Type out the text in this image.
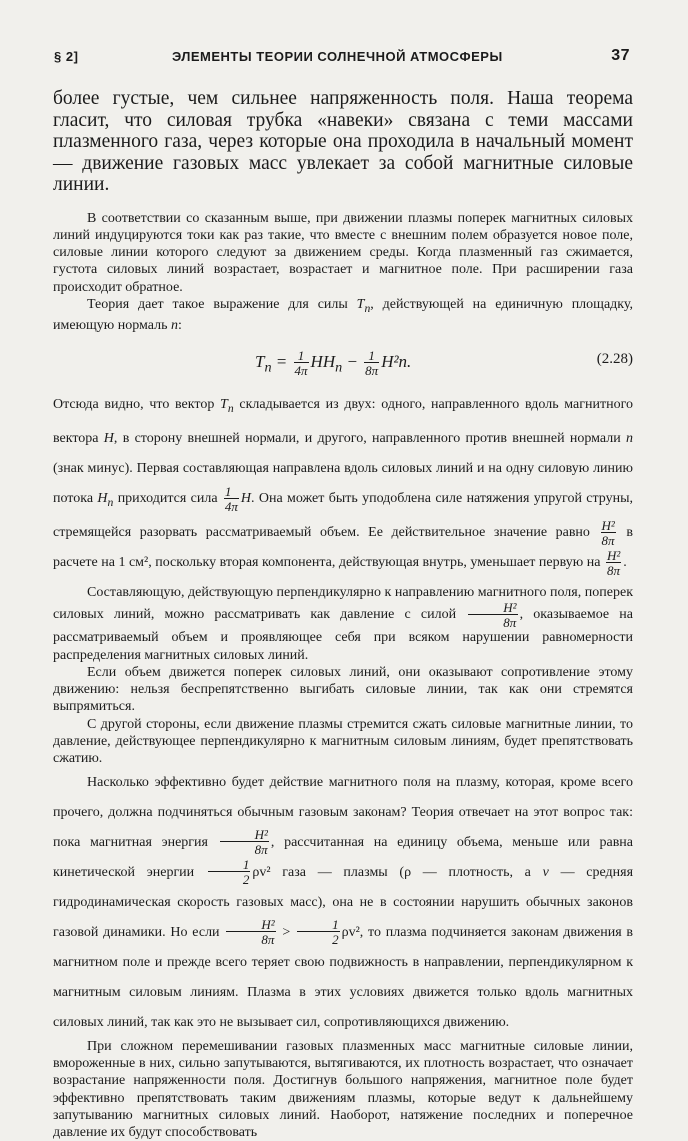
§ 2]	ЭЛЕМЕНТЫ ТЕОРИИ СОЛНЕЧНОЙ АТМОСФЕРЫ	37
более густые, чем сильнее напряженность поля. Наша теорема гласит, что силовая трубка «навеки» связана с теми массами плазменного газа, через которые она проходила в начальный момент — движение газовых масс увлекает за собой магнитные силовые линии.

В соответствии со сказанным выше, при движении плазмы поперек магнитных силовых линий индуцируются токи как раз такие, что вместе с внешним полем образуется новое поле, силовые линии которого следуют за движением среды. Когда плазменный газ сжимается, густота силовых линий возрастает, возрастает и магнитное поле. При расширении газа происходит обратное.

Теория дает такое выражение для силы $T_n$, действующей на единичную площадку, имеющую нормаль n:

$T_n = \frac{1}{4\pi} HH_n - \frac{1}{8\pi} H^2n$.	(2.28)

Отсюда видно, что вектор $T_n$ складывается из двух: одного, направленного вдоль магнитного вектора H, в сторону внешней нормали, и другого, направленного против внешней нормали n (знак минус). Первая составляющая направлена вдоль силовых линий и на одну силовую линию потока $H_n$ приходится сила $\frac{1}{4\pi} H$. Она может быть уподоблена силе натяжения упругой струны, стремящейся разорвать рассматриваемый объем. Ее действительное значение равно $\frac{\text{H²}}{8\pi}$ в расчете на 1 см², поскольку вторая компонента, действующая внутрь, уменьшает первую на $\frac{\text{H²}}{8\pi}$ .

Составляющую, действующую перпендикулярно к направлению магнитного поля, поперек силовых линий, можно рассматривать как давление с силой $\frac{\text{H²}}{8\pi}$ , оказываемое на рассматриваемый объем и проявляющее себя при всяком нарушении равномерности распределения магнитных силовых линий.

Если объем движется поперек силовых линий, они оказывают сопротивление этому движению: нельзя беспрепятственно выгибать силовые линии, так как они стремятся выпрямиться.

С другой стороны, если движение плазмы стремится сжать силовые магнитные линии, то давление, действующее перпендикулярно к магнитным силовым линиям, будет препятствовать сжатию.

Насколько эффективно будет действие магнитного поля на плазму, которая, кроме всего прочего, должна подчиняться обычным газовым законам? Теория отвечает на этот вопрос так: пока магнитная энергия $\frac{\text{H²}}{8\pi}$ , рассчитанная на единицу объема, меньше или равна кинетической энергии $\frac{1}{2} \rho v^2$ газа — плазмы (ρ — плотность, а v — средняя гидродинамическая скорость газовых масс), она не в состоянии нарушить обычных законов газовой динамики. Но если $\frac{\text{H²}}{8\pi} > \frac{1}{2} \rho v^2$, то плазма подчиняется законам движения в магнитном поле и прежде всего теряет свою подвижность в направлении, перпендикулярном к магнитным силовым линиям. Плазма в этих условиях движется только вдоль магнитных силовых линий, так как это не вызывает сил, сопротивляющихся движению.

При сложном перемешивании газовых плазменных масс магнитные силовые линии, вмороженные в них, сильно запутываются, вытягиваются, их плотность возрастает, что означает возрастание напряженности поля. Достигнув большого напряжения, магнитное поле будет эффективно препятствовать таким движениям плазмы, которые ведут к дальнейшему запутыванию магнитных силовых линий. Наоборот, натяжение последних и поперечное давление их будут способствовать
